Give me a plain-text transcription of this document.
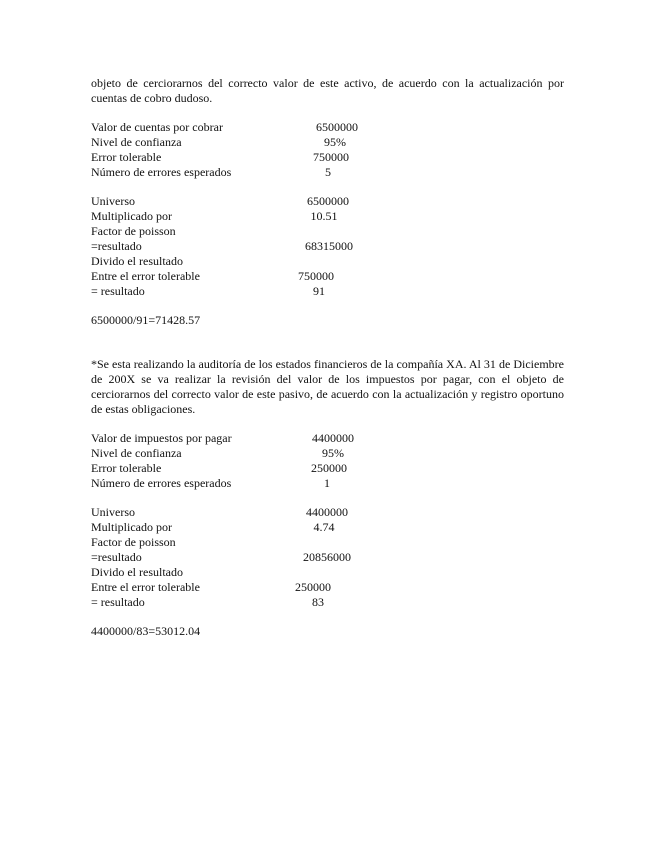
objeto de cerciorarnos del correcto valor de este activo, de acuerdo con la actualización por cuentas de cobro dudoso.

Valor de cuentas por cobrar	6500000
Nivel de confianza	95%
Error tolerable	750000
Número de errores esperados	5
Universo	6500000
Multiplicado por	10.51
Factor de poisson
=resultado	68315000
Divido el resultado
Entre el error tolerable	750000
= resultado	91
6500000/91=71428.57

*Se esta realizando la auditoría de los estados financieros de la compañía XA. Al 31 de Diciembre de 200X se va realizar la revisión del valor de los impuestos por pagar, con el objeto de cerciorarnos del correcto valor de este pasivo, de acuerdo con la actualización y registro oportuno de estas obligaciones.

Valor de impuestos por pagar	4400000
Nivel de confianza	95%
Error tolerable	250000
Número de errores esperados	1
Universo	4400000
Multiplicado por	4.74
Factor de poisson
=resultado	20856000
Divido el resultado
Entre el error tolerable	250000
= resultado	83
4400000/83=53012.04
